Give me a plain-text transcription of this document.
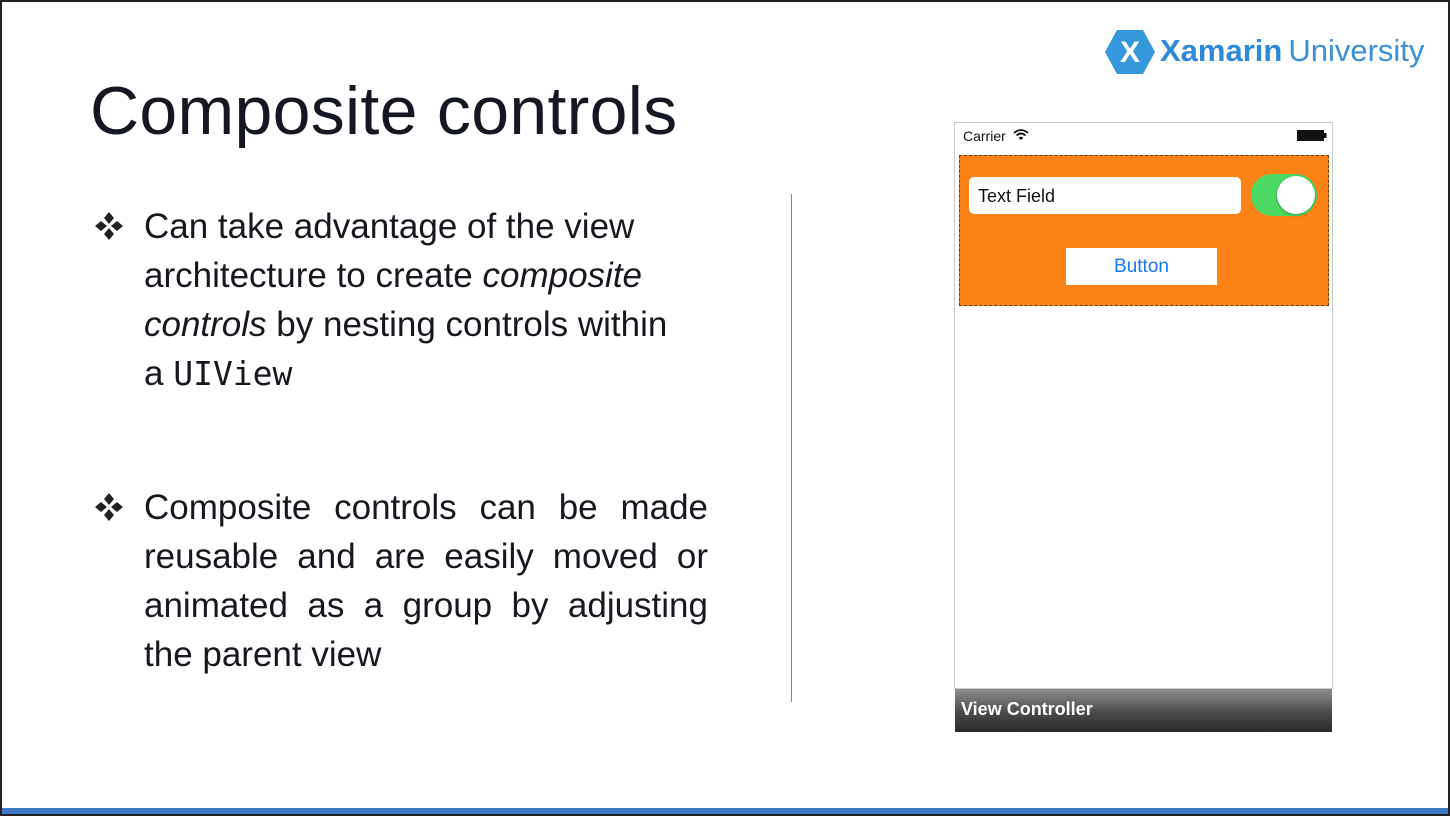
Composite controls
X Xamarin University
Can take advantage of the view
architecture to create composite
controls by nesting controls within
a UIView
Composite controls can be made reusable and are easily moved or animated as a group by adjusting the parent view
Carrier
Text Field
Button
View Controller
